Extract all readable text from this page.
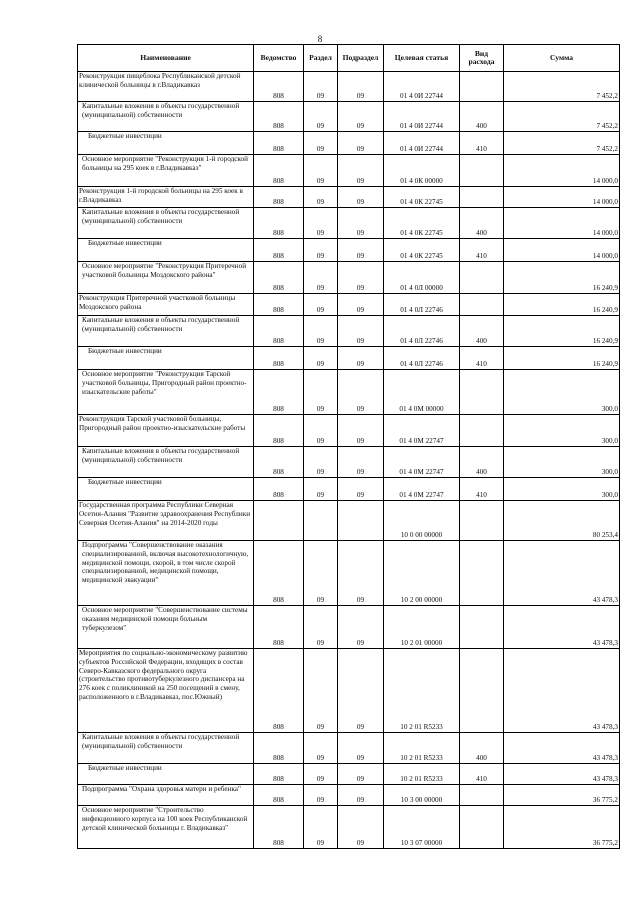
8
Наименование	Ведомство	Раздел	Подраздел	Целевая статья	Вид расхода	Сумма
Реконструкция пищеблока Республиканской детской клинической больницы в г.Владикавказ	808	09	09	01 4 0И 22744		7 452,2
Капитальные вложения в объекты государственной (муниципальной) собственности	808	09	09	01 4 0И 22744	400	7 452,2
Бюджетные инвестиции	808	09	09	01 4 0И 22744	410	7 452,2
Основное мероприятие "Реконструкция 1-й городской больницы на 295 коек в г.Владикавказ"	808	09	09	01 4 0К 00000		14 000,0
Реконструкция 1-й городской больницы на 295 коек в г.Владикавказ	808	09	09	01 4 0К 22745		14 000,0
Капитальные вложения в объекты государственной (муниципальной) собственности	808	09	09	01 4 0К 22745	400	14 000,0
Бюджетные инвестиции	808	09	09	01 4 0К 22745	410	14 000,0
Основное мероприятие "Реконструкция Притеречной участковой больницы Моздокского района"	808	09	09	01 4 0Л 00000		16 240,9
Реконструкция Притеречной участковой больницы Моздокского района	808	09	09	01 4 0Л 22746		16 240,9
Капитальные вложения в объекты государственной (муниципальной) собственности	808	09	09	01 4 0Л 22746	400	16 240,9
Бюджетные инвестиции	808	09	09	01 4 0Л 22746	410	16 240,9
Основное мероприятие "Реконструкция Тарской участковой больницы, Пригородный район проектно-изыскательские работы"	808	09	09	01 4 0М 00000		300,0
Реконструкция Тарской участковой больницы, Пригородный район проектно-изыскательские работы	808	09	09	01 4 0М 22747		300,0
Капитальные вложения в объекты государственной (муниципальной) собственности	808	09	09	01 4 0М 22747	400	300,0
Бюджетные инвестиции	808	09	09	01 4 0М 22747	410	300,0
Государственная программа Республики Северная Осетия-Алания "Развитие здравоохранения Республики Северная Осетия-Алания" на 2014-2020 годы				10 0 00 00000		80 253,4
Подпрограмма "Совершенствование оказания специализированной, включая высокотехнологичную, медицинской помощи, скорой, в том числе скорой специализированной, медицинской помощи, медицинской эвакуации"	808	09	09	10 2 00 00000		43 478,3
Основное мероприятие "Совершенствование системы оказания медицинской помощи больным туберкулезом"	808	09	09	10 2 01 00000		43 478,3
Мероприятия по социально-экономическому развитию субъектов Российской Федерации, входящих в состав Северо-Кавказского федерального округа (строительство противотуберкулезного диспансера на 276 коек с поликлиникой на 250 посещений в смену, расположенного в г.Владикавказ, пос.Южный)	808	09	09	10 2 01 R5233		43 478,3
Капитальные вложения в объекты государственной (муниципальной) собственности	808	09	09	10 2 01 R5233	400	43 478,3
Бюджетные инвестиции	808	09	09	10 2 01 R5233	410	43 478,3
Подпрограмма "Охрана здоровья матери и ребенка"	808	09	09	10 3 00 00000		36 775,2
Основное мероприятие "Строительство инфекционного корпуса на 100 коек Республиканской детской клинической больницы г. Владикавказ"	808	09	09	10 3 07 00000		36 775,2
